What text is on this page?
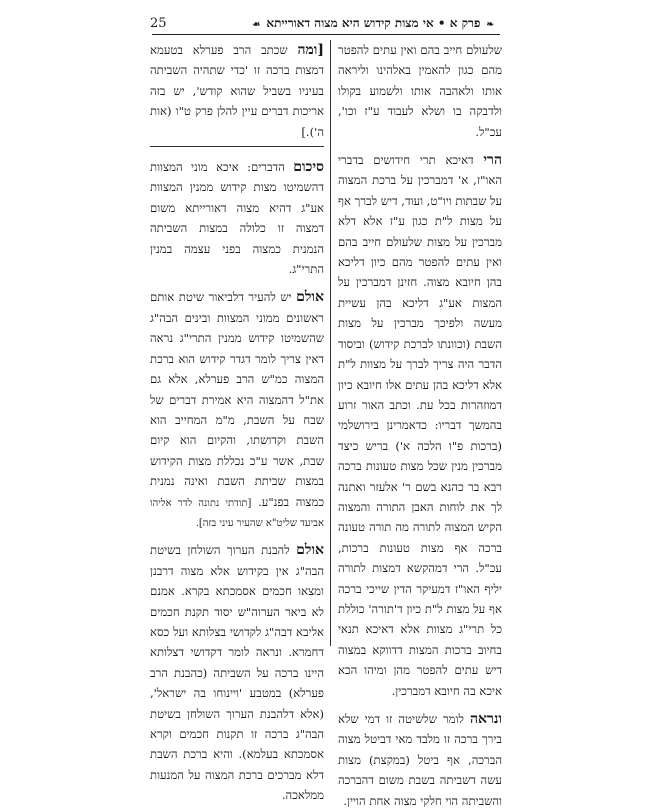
❧פרק א • אי מצות קידוש היא מצוה דאורייתא☙
25

שלעולם חייב בהם ואין עתים להפטר מהם כגון להאמין באלהינו וליראה אותו ולאהבה אותו ולשמוע בקולו ולדבקה בו ושלא לעבוד ע"ז וכו', עכ"ל.

הרי דאיכא תרי חידושים בדברי האו"ז, א' דמברכין על ברכת המצוה על שבתות ויו"ט, ועוד, דיש לברך אף על מצות ל"ת כגון ע"ז אלא דלא מברכין על מצות שלעולם חייב בהם ואין עתים להפטר מהם כיון דליכא בהן חיובא מצוה. חזינן דמברכין על המצות אע"ג דליכא בהן עשיית מעשה ולפיכך מברכין על מצות השבת (וכוונתו לברכת קידוש) וביסוד הדבר היה צריך לברך על מצוות ל"ת אלא דליכא בהן עתים אלו חיובא כיון דמוזהרות בכל עת. וכתב האור זרוע בהמשך דבריו: כדאמרינן בירושלמי (ברכות פ"ו הלכה א') בריש כיצד מברכין מנין שכל מצות טעונות ברכה רבא בר כהנא בשם ר' אלעזר ואתנה לך את לוחות האבן התורה והמצוה הקיש המצוה לתורה מה תורה טעונה ברכה אף מצות טעונות ברכות, עכ"ל. הרי דמהקשא דמצות לתורה יליף האו"ז דמעיקר הדין שייכי ברכה אף על מצות ל"ת כיון ד'תורה' כוללת כל תרי"ג מצוות אלא דאיכא תנאי בחיוב ברכות המצות דדווקא במצוה דיש עתים להפטר מהן ומיהו הכא איכא בה חיובא דמברכין.

ונראה לומר שלשיטה זו דמי שלא בירך ברכה זו מלבד מאי דביטל מצוה הברכה, אף ביטל (במקצת) מצות עשה דשביתה בשבת משום דהברכה והשביתה הוי חלקי מצוה אחת הויין.

[ומה שכתב הרב פערלא בטעמא דמצות ברכה זו 'כדי שתהיה השביתה בעיניו בשביל שהוא קודש', יש בזה אריכות דברים עיין להלן פרק ט"ו (אות ה').]

סיכום הדברים: איכא מוני המצוות דהשמיטו מצות קידוש ממנין המצוות אע"ג דהיא מצוה דאורייתא משום דמצוה זו כלולה במצות השביתה הנמנית כמצוה בפני עצמה במנין התרי"ג.

אולם יש להעיר דלביאור שיטת אותם ראשונים ממוני המצוות ובינים הבה"ג שהשמיטו קידוש ממנין התרי"ג נראה דאין צריך לומר דגדר קידוש הוא ברכת המצוה כמ"ש הרב פערלא, אלא גם את"ל דהמצוה היא אמירת דברים של שבח על השבת, מ"מ המחייב הוא השבת וקדושתו, והקיום הוא קיום שבת, אשר ע"כ נכללת מצות הקידוש במצות שביתת השבת ואינה נמנית כמצוה בפנ"ע. [תודתי נתונה לדר אליהו אביעד שליט"א שהעיר עיני בזה].

אולם להבנת הערוך השולחן בשיטת הבה"ג אין בקידוש אלא מצוה דרבנן ומצאו חכמים אסמכתא בקרא. אמנם לא ביאר הערוה"ש יסוד תקנת חכמים אליבא דבה"ג לקדושי בצלותא ועל כסא דחמרא. ונראה לומר דקדושי דצלותא היינו ברכה על השביתה (כהבנת הרב פערלא) במטבע 'ויינוחו בה ישראל', (אלא דלהבנת הערוך השולחן בשיטת הבה"ג ברכה זו תקנות חכמים וקרא אסמכתא בעלמא). והיא ברכת השבת דלא מברכים ברכת המצוה על המנעות ממלאכה.
